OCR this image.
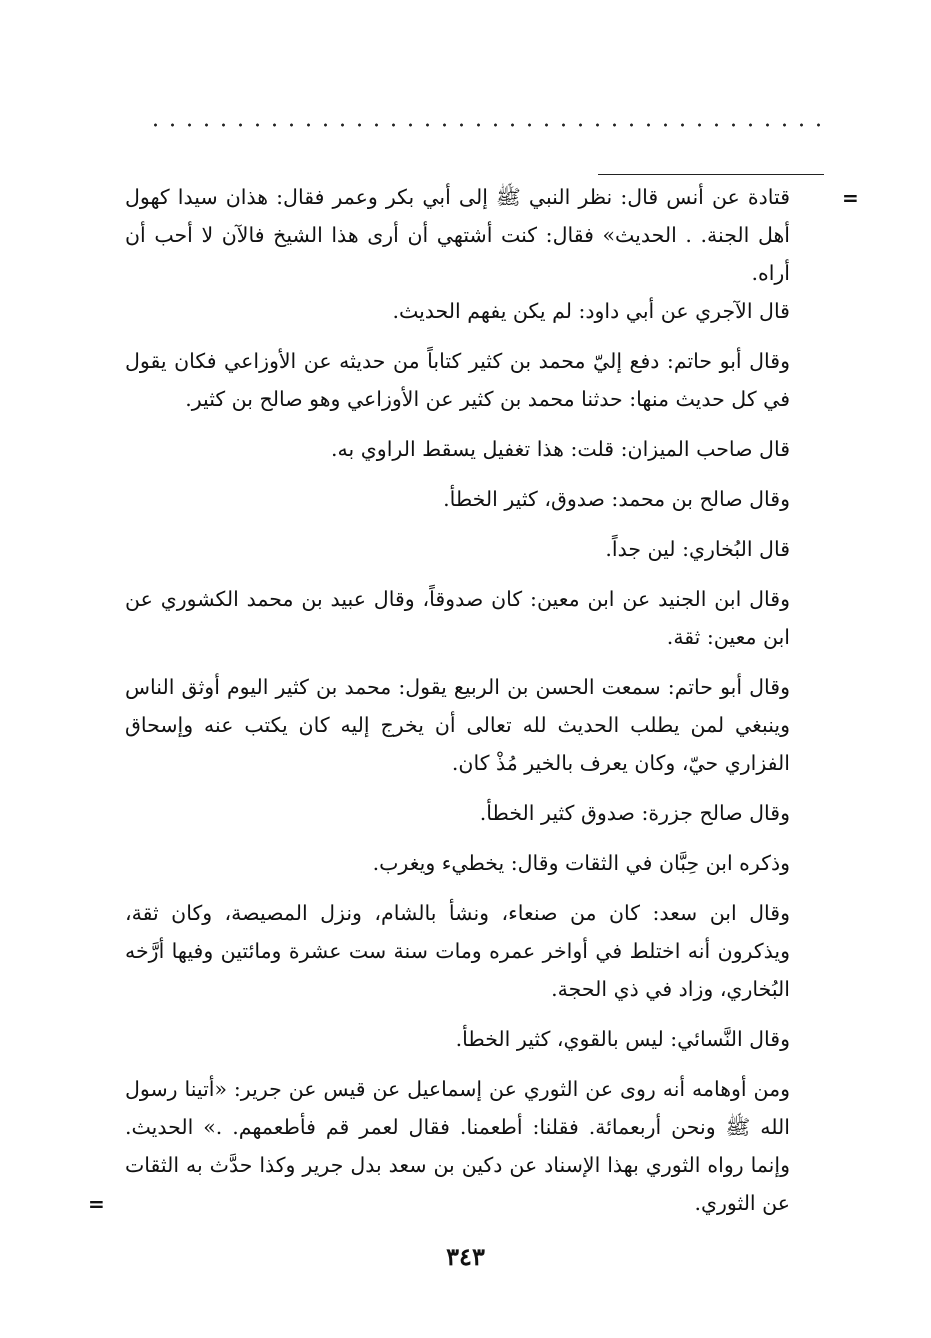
=
=

قتادة عن أنس قال: نظر النبي ﷺ إلى أبي بكر وعمر فقال: هذان سيدا كهول أهل الجنة. . الحديث» فقال: كنت أشتهي أن أرى هذا الشيخ فالآن لا أحب أن أراه.

قال الآجري عن أبي داود: لم يكن يفهم الحديث.

وقال أبو حاتم: دفع إليّ محمد بن كثير كتاباً من حديثه عن الأوزاعي فكان يقول في كل حديث منها: حدثنا محمد بن كثير عن الأوزاعي وهو صالح بن كثير.

قال صاحب الميزان: قلت: هذا تغفيل يسقط الراوي به.

وقال صالح بن محمد: صدوق، كثير الخطأ.

قال البُخاري: لين جداً.

وقال ابن الجنيد عن ابن معين: كان صدوقاً، وقال عبيد بن محمد الكشوري عن ابن معين: ثقة.

وقال أبو حاتم: سمعت الحسن بن الربيع يقول: محمد بن كثير اليوم أوثق الناس وينبغي لمن يطلب الحديث لله تعالى أن يخرج إليه كان يكتب عنه وإسحاق الفزاري حيّ، وكان يعرف بالخير مُذْ كان.

وقال صالح جزرة: صدوق كثير الخطأ.

وذكره ابن حِبَّان في الثقات وقال: يخطيء ويغرب.

وقال ابن سعد: كان من صنعاء، ونشأ بالشام، ونزل المصيصة، وكان ثقة، ويذكرون أنه اختلط في أواخر عمره ومات سنة ست عشرة ومائتين وفيها أرَّخه البُخاري، وزاد في ذي الحجة.

وقال النَّسائي: ليس بالقوي، كثير الخطأ.

ومن أوهامه أنه روى عن الثوري عن إسماعيل عن قيس عن جرير: «أتينا رسول الله ﷺ ونحن أربعمائة. فقلنا: أطعمنا. فقال لعمر قم فأطعمهم. .» الحديث. وإنما رواه الثوري بهذا الإسناد عن دكين بن سعد بدل جرير وكذا حدَّث به الثقات عن الثوري.

٣٤٣
